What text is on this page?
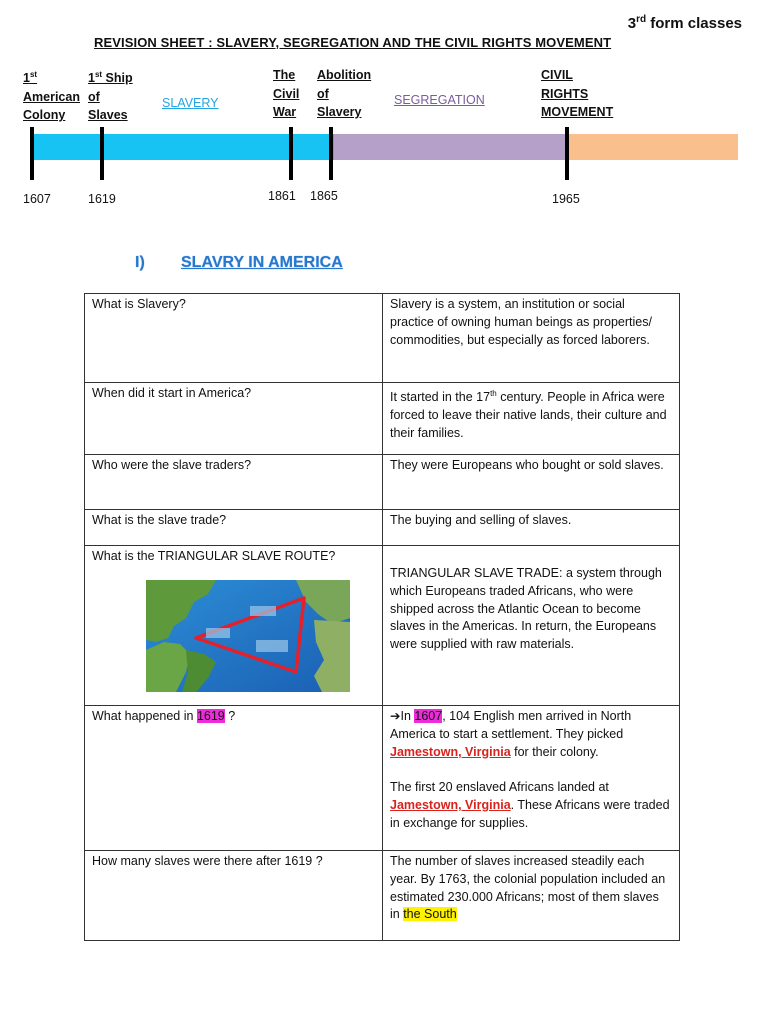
3rd form classes
REVISION SHEET : SLAVERY, SEGREGATION AND THE CIVIL RIGHTS MOVEMENT
1st
American
Colony
1st Ship
of
Slaves
The
Civil
War
Abolition
of
Slavery
CIVIL
RIGHTS
MOVEMENT
SLAVERY	SEGREGATION
1607	1619	1861 1865	1965
I) SLAVRY IN AMERICA
What is Slavery?	Slavery is a system, an institution or social practice of owning human beings as properties/ commodities, but especially as forced laborers.
When did it start in America?	It started in the 17th century. People in Africa were forced to leave their native lands, their culture and their families.
Who were the slave traders?	They were Europeans who bought or sold slaves.
What is the slave trade?	The buying and selling of slaves.

What is the TRIANGULAR SLAVE ROUTE?	TRIANGULAR SLAVE TRADE: a system through which Europeans traded Africans, who were shipped across the Atlantic Ocean to become slaves in the Americas. In return, the Europeans were supplied with raw materials.
What happened in 1619 ?	➔In 1607, 104 English men arrived in North America to start a settlement. They picked Jamestown, Virginia for their colony.
The first 20 enslaved Africans landed at Jamestown, Virginia. These Africans were traded in exchange for supplies.

How many slaves were there after 1619 ?	The number of slaves increased steadily each year. By 1763, the colonial population included an estimated 230.000 Africans; most of them slaves in the South
